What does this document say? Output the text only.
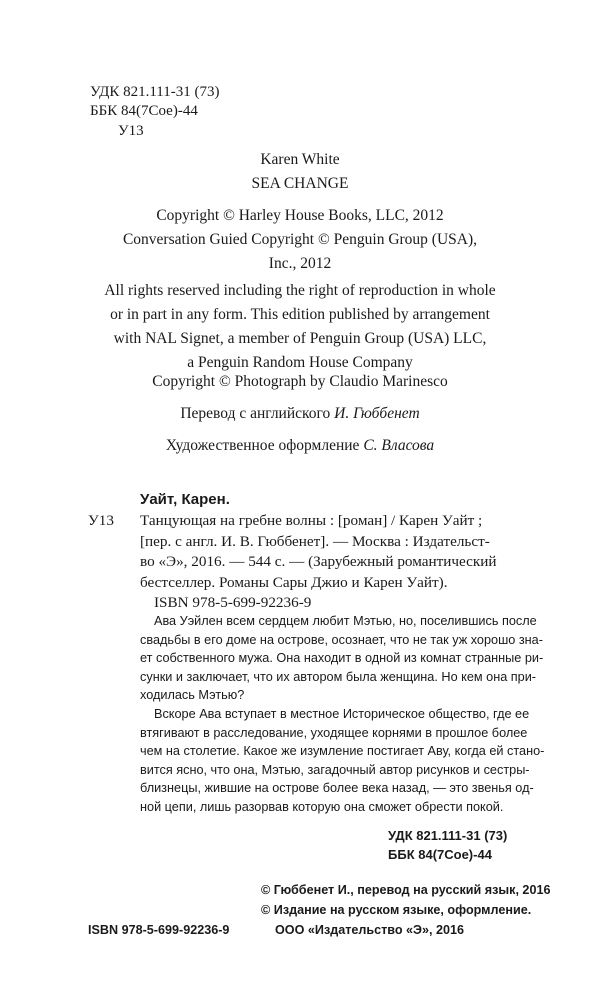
УДК 821.111-31 (73)
ББК 84(7Сое)-44
У13
Karen White
SEA CHANGE
Copyright © Harley House Books, LLC, 2012
Conversation Guied Copyright © Penguin Group (USA),
Inc., 2012
All rights reserved including the right of reproduction in whole
or in part in any form. This edition published by arrangement
with NAL Signet, a member of Penguin Group (USA) LLC,
a Penguin Random House Company
Copyright © Photograph by Claudio Marinesco
Перевод с английского И. Гюббенет
Художественное оформление С. Власова
Уайт, Карен.
У13 Танцующая на гребне волны : [роман] / Карен Уайт ;
[пер. с англ. И. В. Гюббенет]. — Москва : Издательст-
во «Э», 2016. — 544 с. — (Зарубежный романтический
бестселлер. Романы Сары Джио и Карен Уайт).
ISBN 978-5-699-92236-9
Ава Уэйлен всем сердцем любит Мэтью, но, поселившись после
свадьбы в его доме на острове, осознает, что не так уж хорошо зна-
ет собственного мужа. Она находит в одной из комнат странные ри-
сунки и заключает, что их автором была женщина. Но кем она при-
ходилась Мэтью?
Вскоре Ава вступает в местное Историческое общество, где ее
втягивают в расследование, уходящее корнями в прошлое более
чем на столетие. Какое же изумление постигает Аву, когда ей стано-
вится ясно, что она, Мэтью, загадочный автор рисунков и сестры-
близнецы, жившие на острове более века назад, — это звенья од-
ной цепи, лишь разорвав которую она сможет обрести покой.
УДК 821.111-31 (73)
ББК 84(7Сое)-44
© Гюббенет И., перевод на русский язык, 2016
© Издание на русском языке, оформление.
ISBN 978-5-699-92236-9	ООО «Издательство «Э», 2016
